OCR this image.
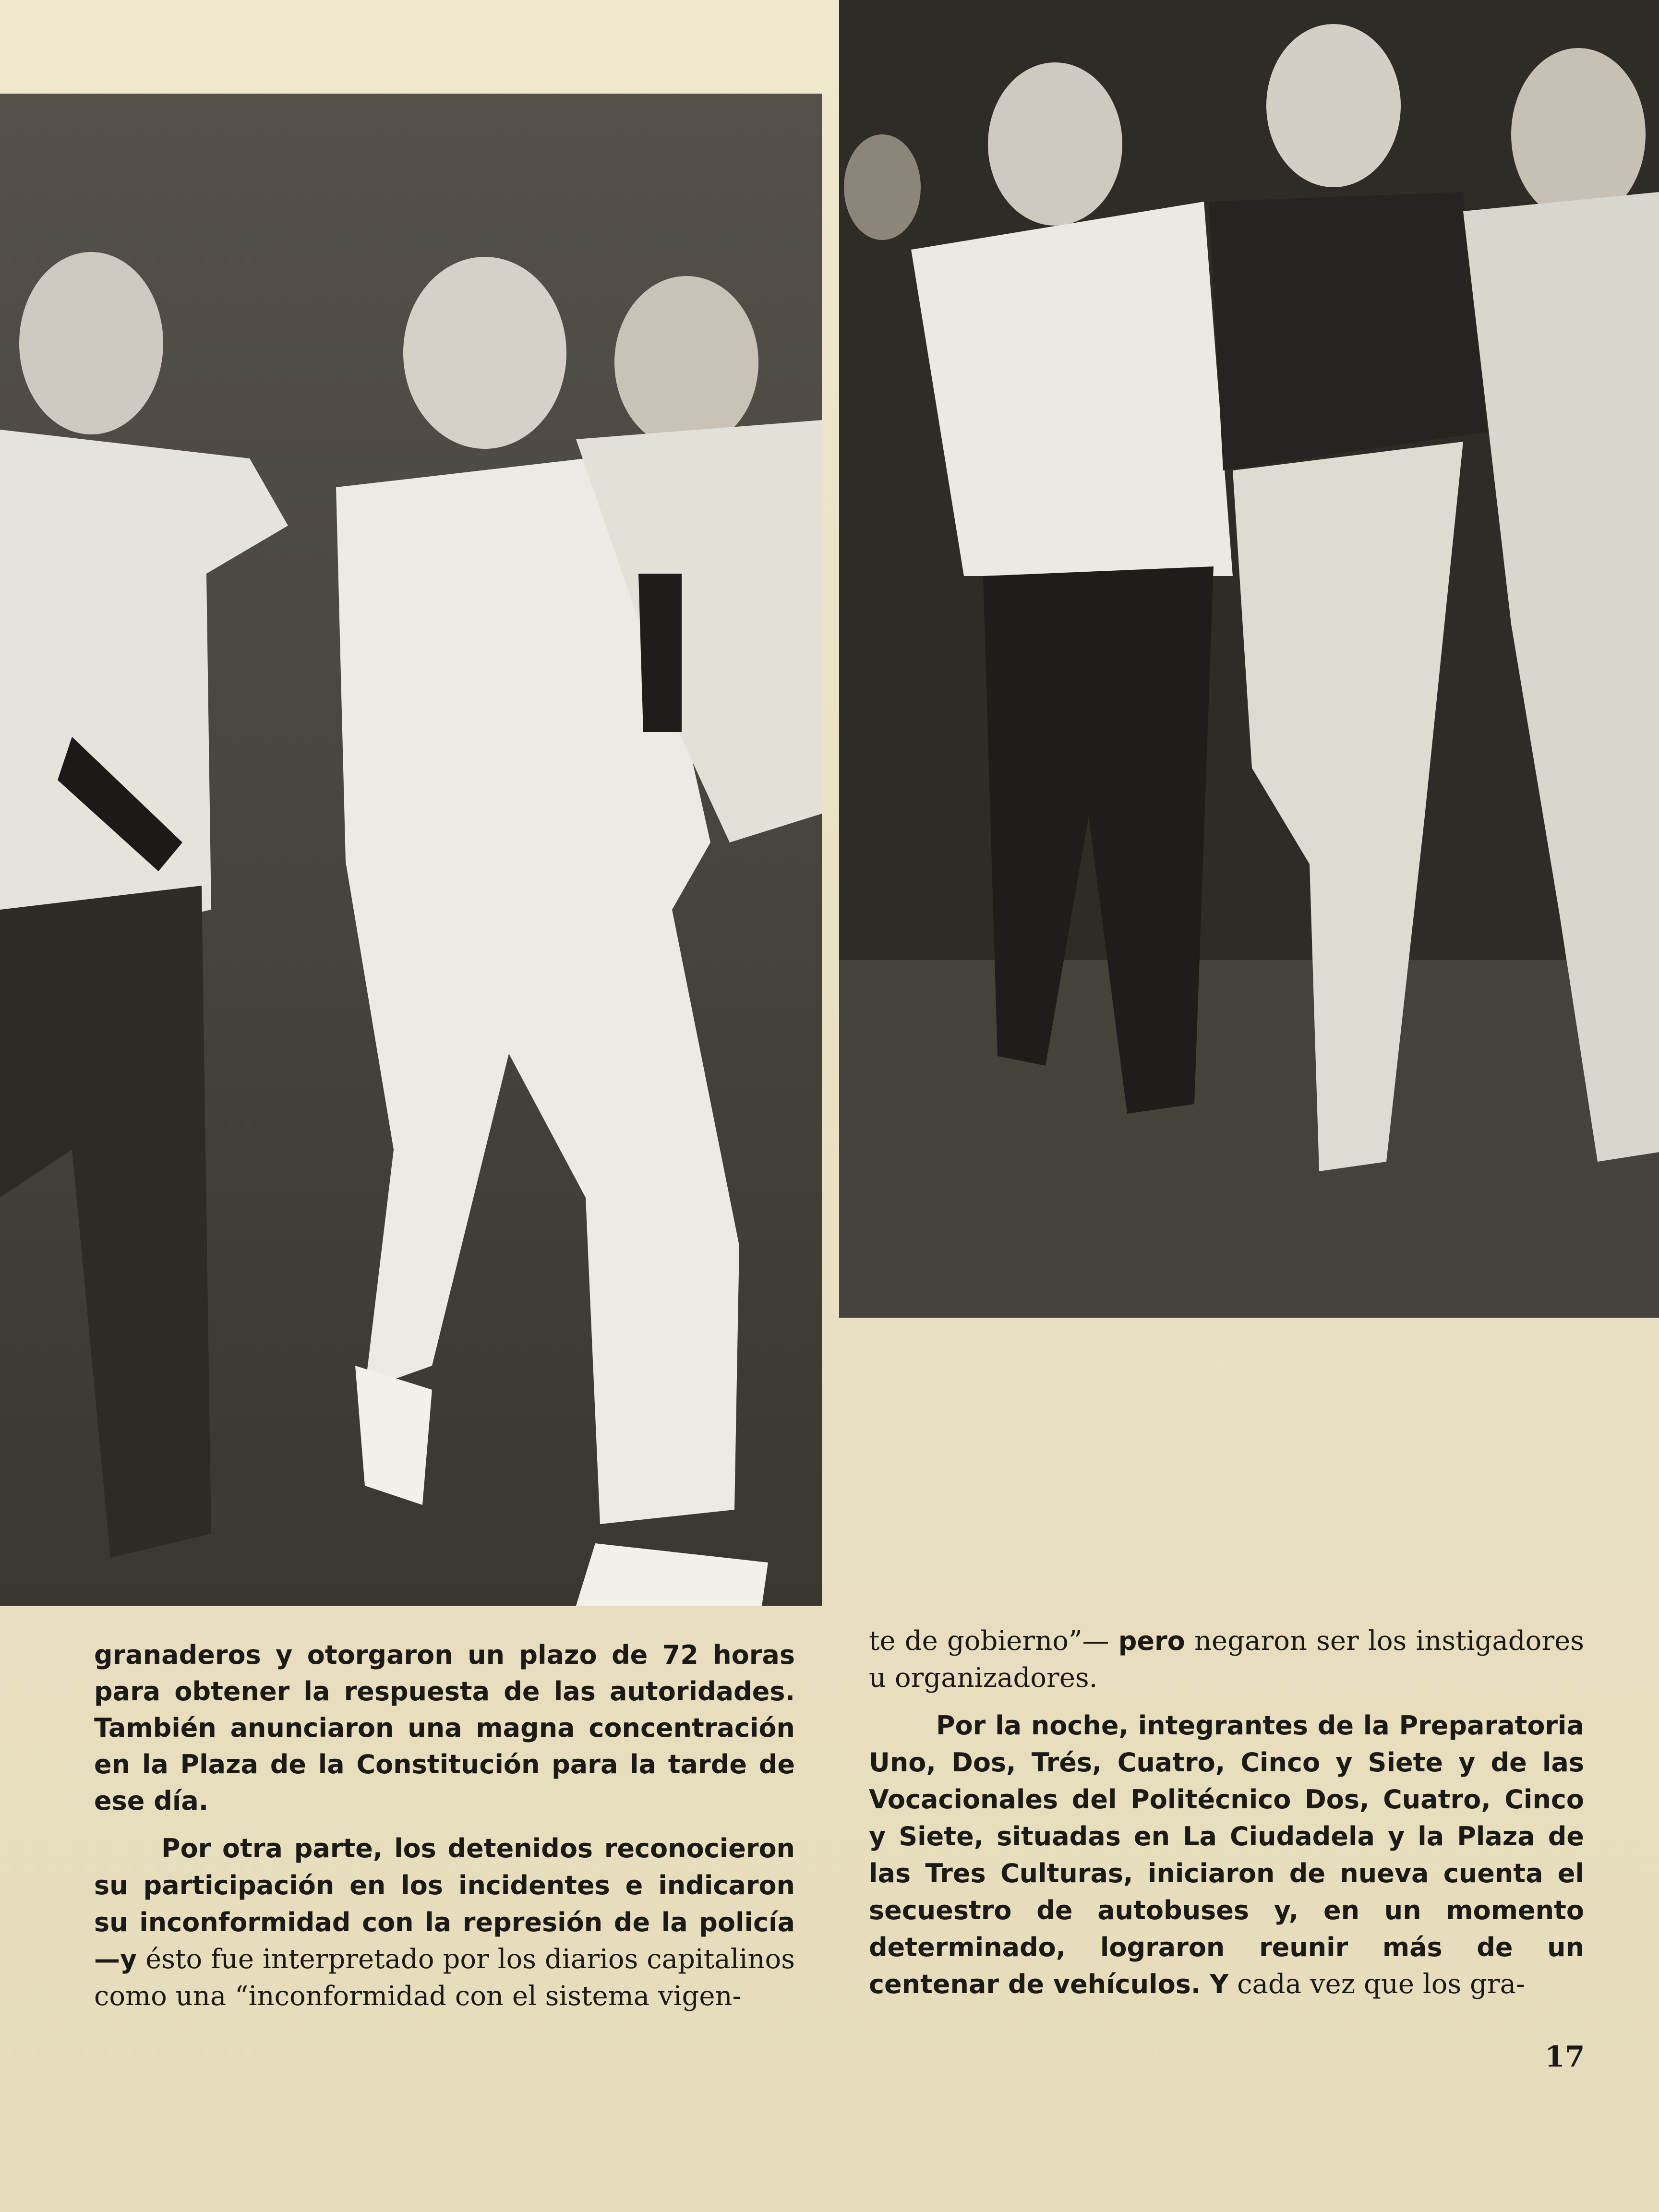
granaderos y otorgaron un plazo de 72 horas para obtener la respuesta de las autoridades. También anunciaron una magna concentración en la Plaza de la Constitución para la tarde de ese día.

Por otra parte, los detenidos reconocieron su participación en los incidentes e indicaron su inconformidad con la represión de la policía —y ésto fue interpretado por los diarios capitalinos como una “inconformidad con el sistema vigen-

te de gobierno”— pero negaron ser los instigadores u organizadores.

Por la noche, integrantes de la Preparatoria Uno, Dos, Trés, Cuatro, Cinco y Siete y de las Vocacionales del Politécnico Dos, Cuatro, Cinco y Siete, situadas en La Ciudadela y la Plaza de las Tres Culturas, iniciaron de nueva cuenta el secuestro de autobuses y, en un momento determinado, lograron reunir más de un centenar de vehículos. Y cada vez que los gra-

17
